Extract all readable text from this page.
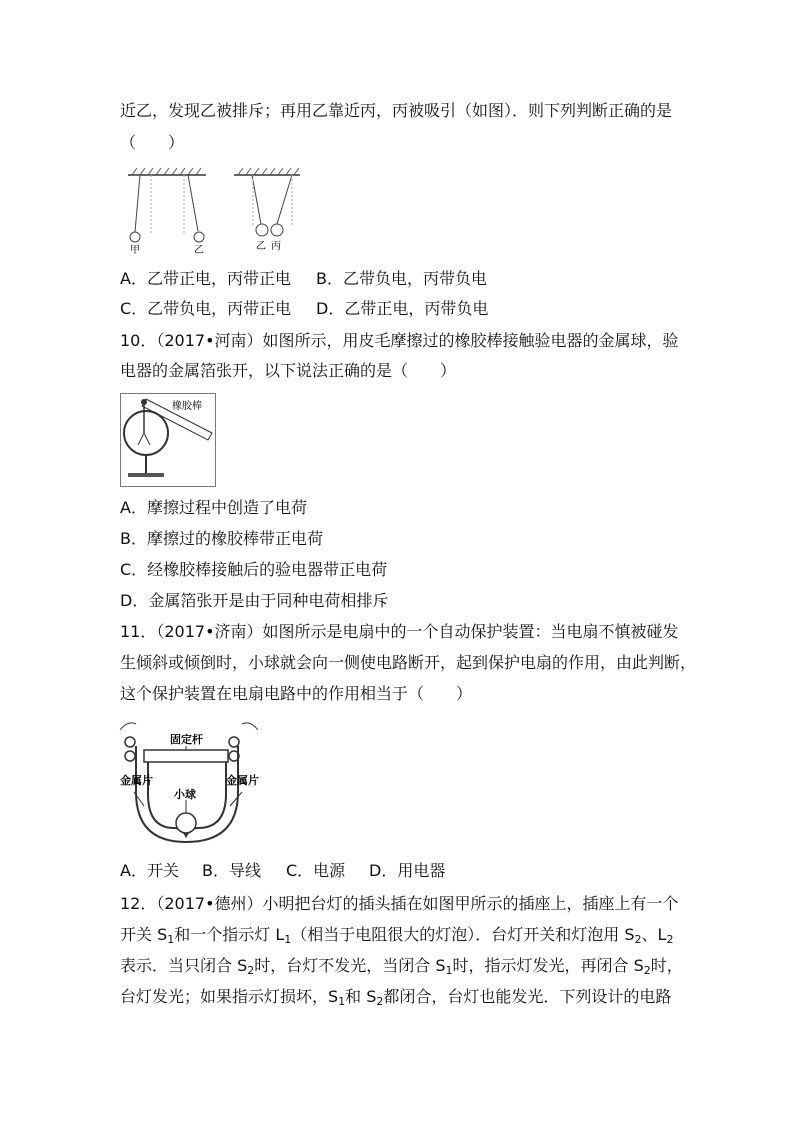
近乙，发现乙被排斥；再用乙靠近丙，丙被吸引（如图）．则下列判断正确的是
（　　）
甲	乙	乙 丙
A．乙带正电，丙带正电 B．乙带负电，丙带负电
C．乙带负电，丙带正电 D．乙带正电，丙带负电
10．（2017•河南）如图所示，用皮毛摩擦过的橡胶棒接触验电器的金属球，验
电器的金属箔张开，以下说法正确的是（　　）
橡胶棒
A．摩擦过程中创造了电荷
B．摩擦过的橡胶棒带正电荷
C．经橡胶棒接触后的验电器带正电荷
D．金属箔张开是由于同种电荷相排斥
11．（2017•济南）如图所示是电扇中的一个自动保护装置：当电扇不慎被碰发
生倾斜或倾倒时，小球就会向一侧使电路断开，起到保护电扇的作用，由此判断，
这个保护装置在电扇电路中的作用相当于（　　）
固定杆
小球
金属片	金属片
A．开关 B．导线 C．电源 D．用电器
12．（2017•德州）小明把台灯的插头插在如图甲所示的插座上，插座上有一个
开关 $S_1$和一个指示灯 $L_1$（相当于电阻很大的灯泡）．台灯开关和灯泡用 $S_2$、$L_2$
表示．当只闭合 $S_2$时，台灯不发光，当闭合 $S_1$时，指示灯发光，再闭合 $S_2$时，
台灯发光；如果指示灯损坏，$S_1$和 $S_2$都闭合，台灯也能发光．下列设计的电路
